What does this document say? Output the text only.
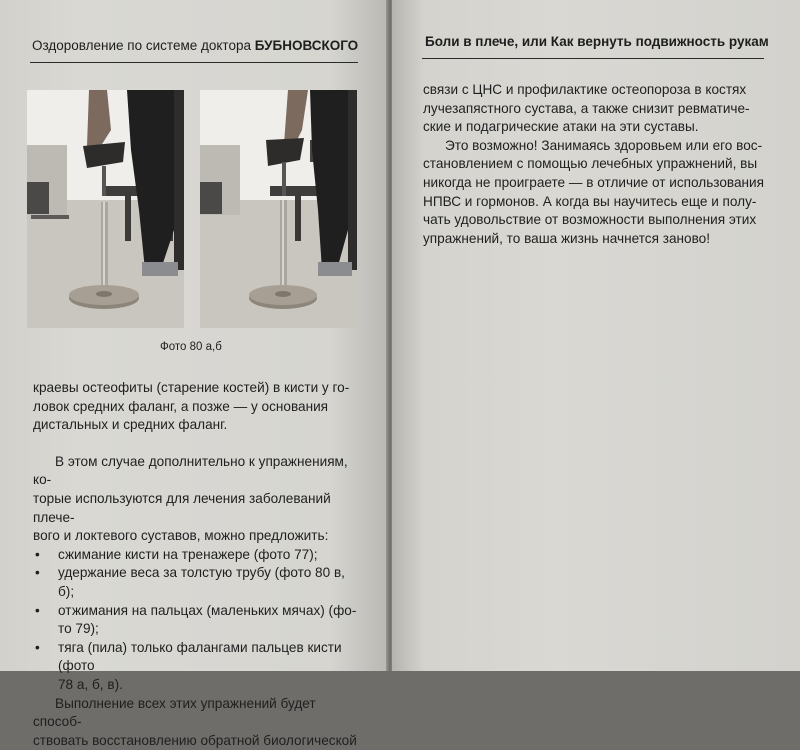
Оздоровление по системе доктора БУБНОВСКОГО
Фото 80 а,б

краевы остеофиты (старение костей) в кисти у го-

ловок средних фаланг, а позже — у основания

дистальных и средних фаланг.

В этом случае дополнительно к упражнениям, ко-

торые используются для лечения заболеваний плече-

вого и локтевого суставов, можно предложить:

• сжимание кисти на тренажере (фото 77);

• удержание веса за толстую трубу (фото 80 в, б);

• отжимания на пальцах (маленьких мячах) (фо-

то 79);

• тяга (пила) только фалангами пальцев кисти (фото

78 а, б, в).

Выполнение всех этих упражнений будет способ-

ствовать восстановлению обратной биологической

Боли в плече, или Как вернуть подвижность рукам

связи с ЦНС и профилактике остеопороза в костях

лучезапястного сустава, а также снизит ревматиче-

ские и подагрические атаки на эти суставы.

Это возможно! Занимаясь здоровьем или его вос-

становлением с помощью лечебных упражнений, вы

никогда не проиграете — в отличие от использования

НПВС и гормонов. А когда вы научитесь еще и полу-

чать удовольствие от возможности выполнения этих

упражнений, то ваша жизнь начнется заново!
